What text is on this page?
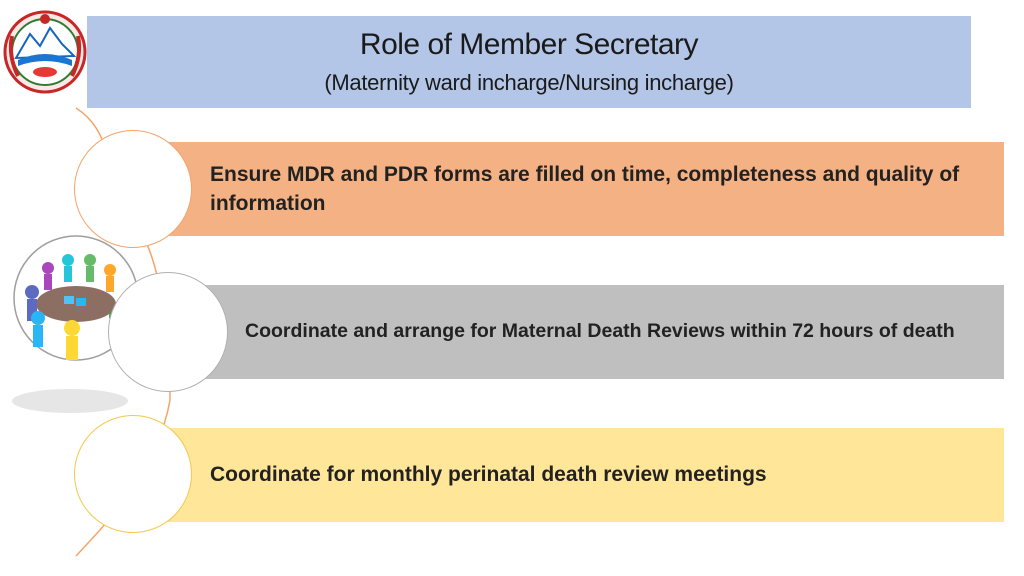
Role of Member Secretary
(Maternity ward incharge/Nursing incharge)
Ensure MDR and PDR forms are filled on time, completeness and quality of information
Coordinate and arrange for Maternal Death Reviews within 72 hours of death
Coordinate for monthly perinatal death review meetings
